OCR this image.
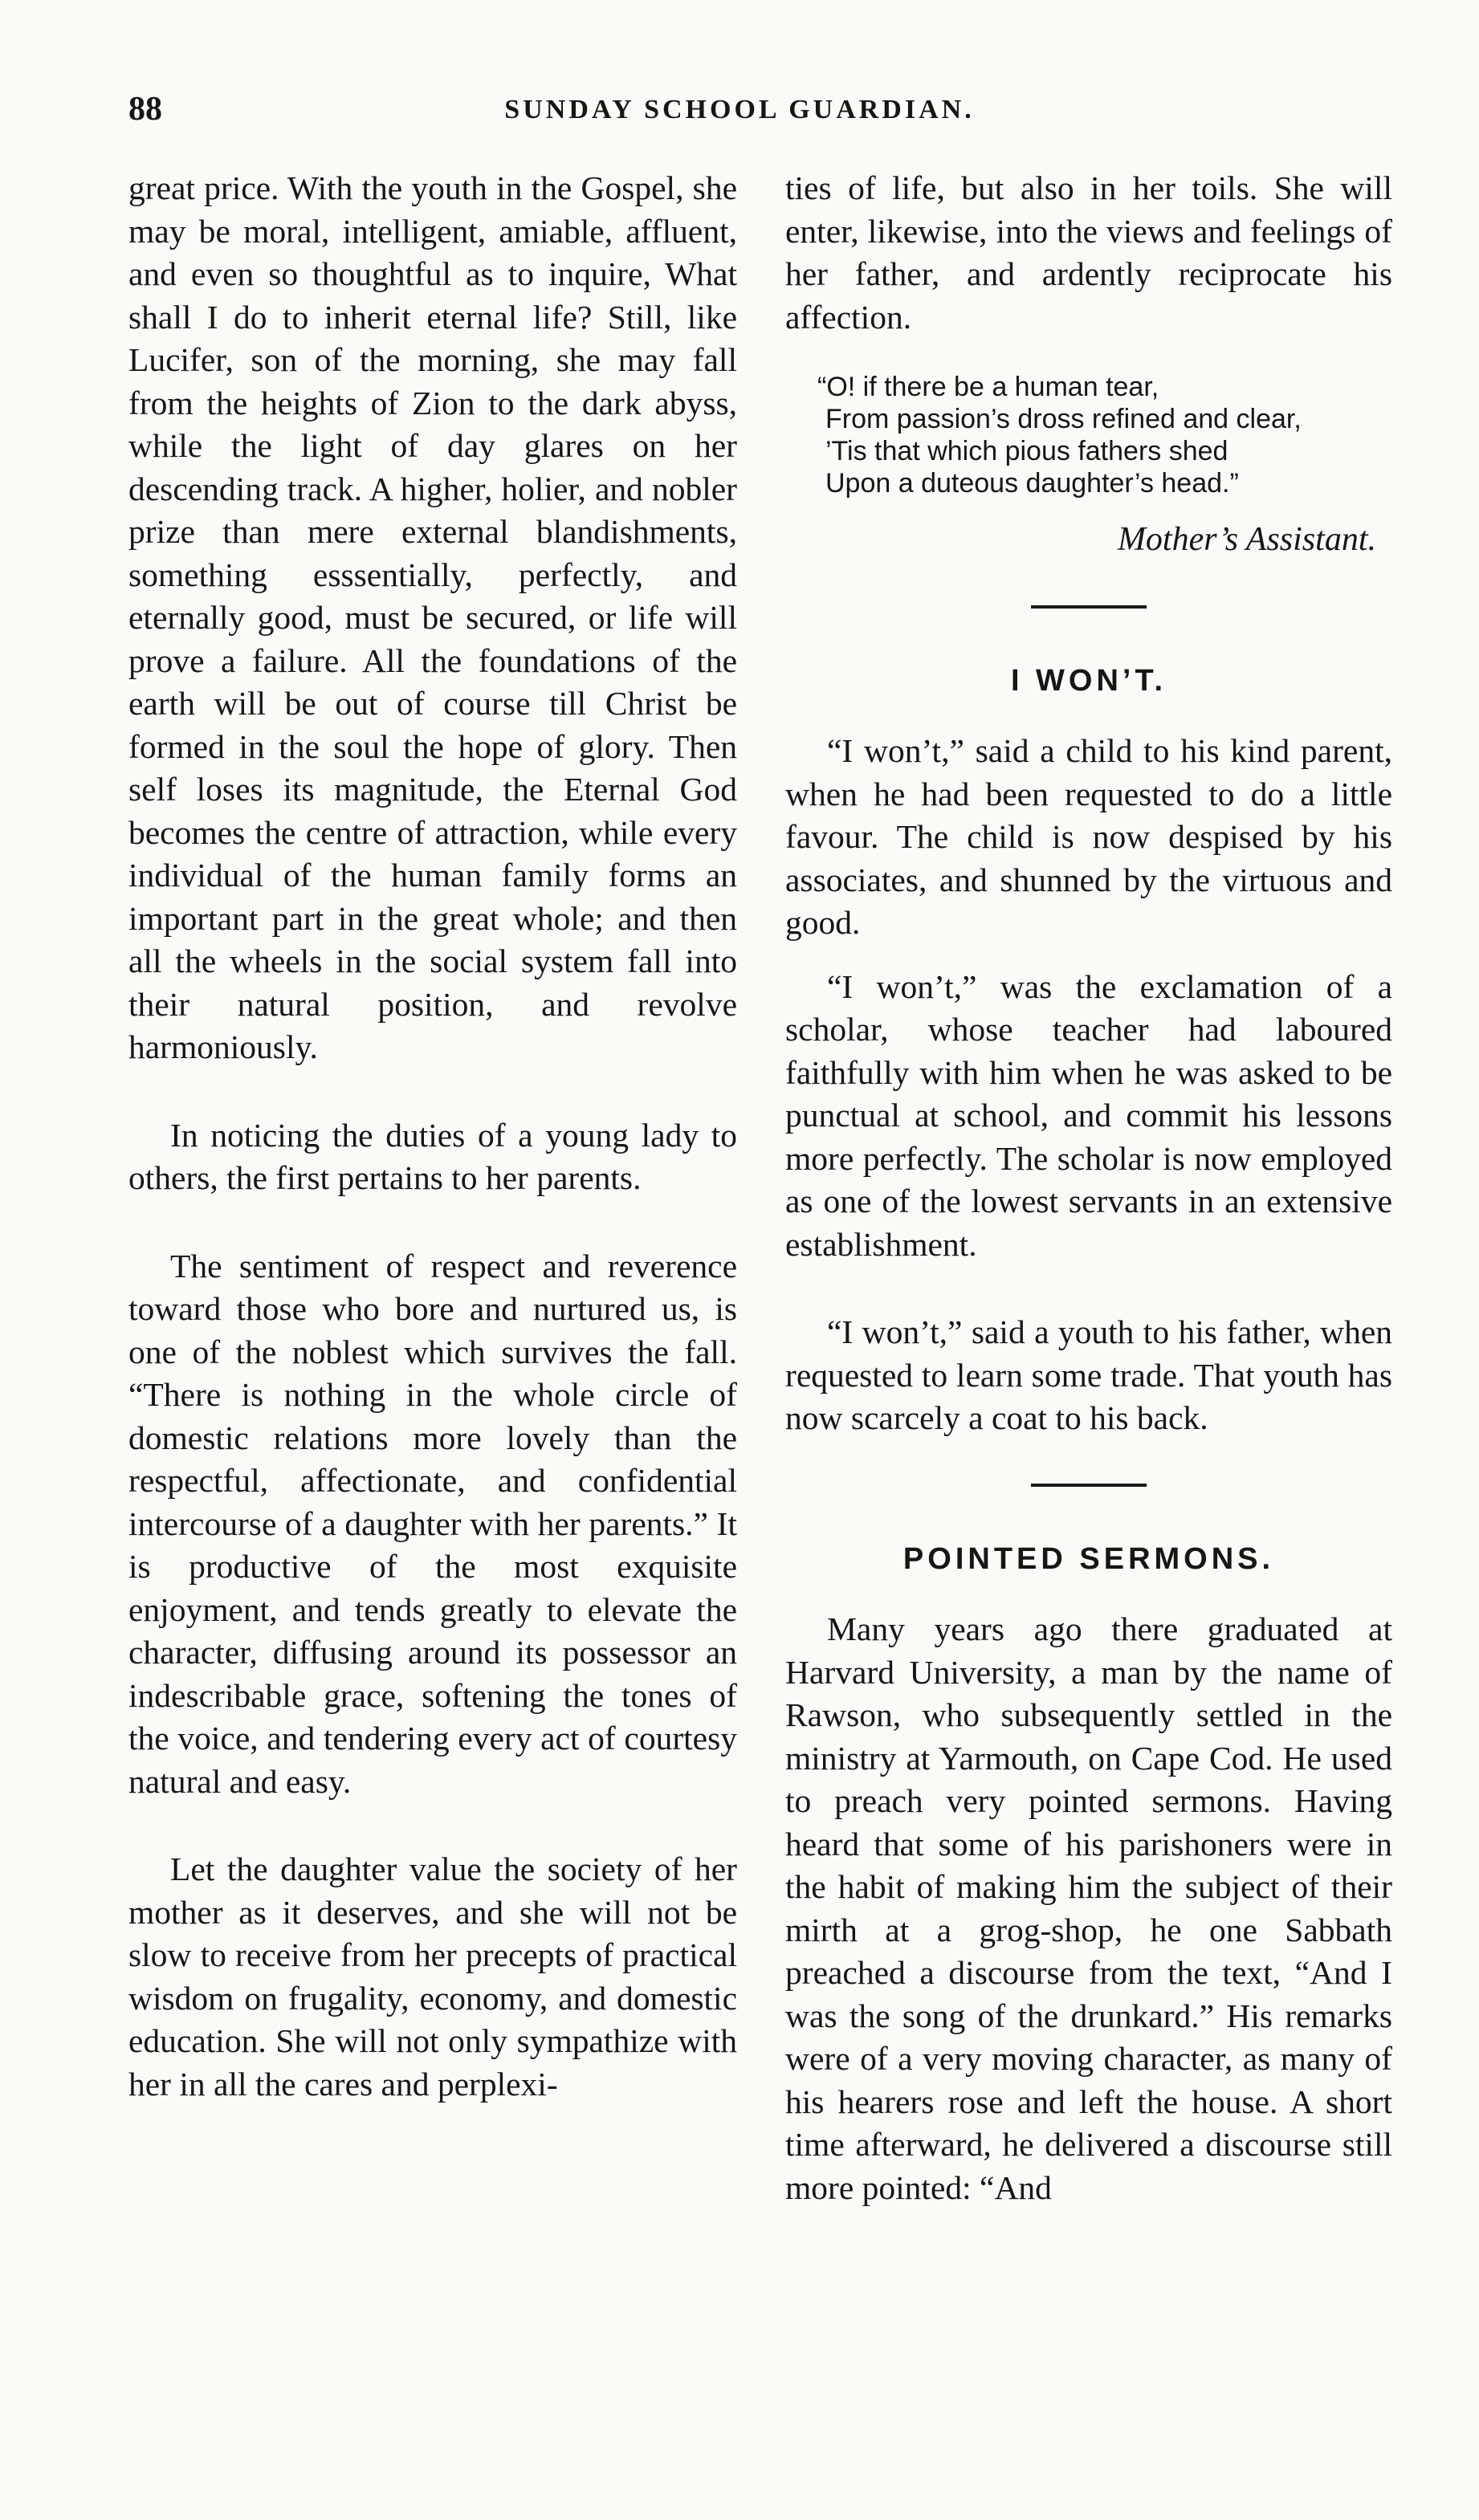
88	SUNDAY SCHOOL GUARDIAN.

great price. With the youth in the Gospel, she may be moral, intelligent, amiable, affluent, and even so thoughtful as to inquire, What shall I do to inherit eternal life? Still, like Lucifer, son of the morning, she may fall from the heights of Zion to the dark abyss, while the light of day glares on her descending track. A higher, holier, and nobler prize than mere external blandishments, something esssentially, perfectly, and eternally good, must be secured, or life will prove a failure. All the foundations of the earth will be out of course till Christ be formed in the soul the hope of glory. Then self loses its magnitude, the Eternal God becomes the centre of attraction, while every individual of the human family forms an important part in the great whole; and then all the wheels in the social system fall into their natural position, and revolve harmoniously.

In noticing the duties of a young lady to others, the first pertains to her parents.

The sentiment of respect and reverence toward those who bore and nurtured us, is one of the noblest which survives the fall. “There is nothing in the whole circle of domestic relations more lovely than the respectful, affectionate, and confidential intercourse of a daughter with her parents.” It is productive of the most exquisite enjoyment, and tends greatly to elevate the character, diffusing around its possessor an indescribable grace, softening the tones of the voice, and tendering every act of courtesy natural and easy.

Let the daughter value the society of her mother as it deserves, and she will not be slow to receive from her precepts of practical wisdom on frugality, economy, and domestic education. She will not only sympathize with her in all the cares and perplexi-

ties of life, but also in her toils. She will enter, likewise, into the views and feelings of her father, and ardently reciprocate his affection.

“O! if there be a human tear,
From passion’s dross refined and clear,
’Tis that which pious fathers shed
Upon a duteous daughter’s head.”
Mother’s Assistant.
I WON’T.

“I won’t,” said a child to his kind parent, when he had been requested to do a little favour. The child is now despised by his associates, and shunned by the virtuous and good.

“I won’t,” was the exclamation of a scholar, whose teacher had laboured faithfully with him when he was asked to be punctual at school, and commit his lessons more perfectly. The scholar is now employed as one of the lowest servants in an extensive establishment.

“I won’t,” said a youth to his father, when requested to learn some trade. That youth has now scarcely a coat to his back.

POINTED SERMONS.

Many years ago there graduated at Harvard University, a man by the name of Rawson, who subsequently settled in the ministry at Yarmouth, on Cape Cod. He used to preach very pointed sermons. Having heard that some of his parishoners were in the habit of making him the subject of their mirth at a grog-shop, he one Sabbath preached a discourse from the text, “And I was the song of the drunkard.” His remarks were of a very moving character, as many of his hearers rose and left the house. A short time afterward, he delivered a discourse still more pointed: “And
